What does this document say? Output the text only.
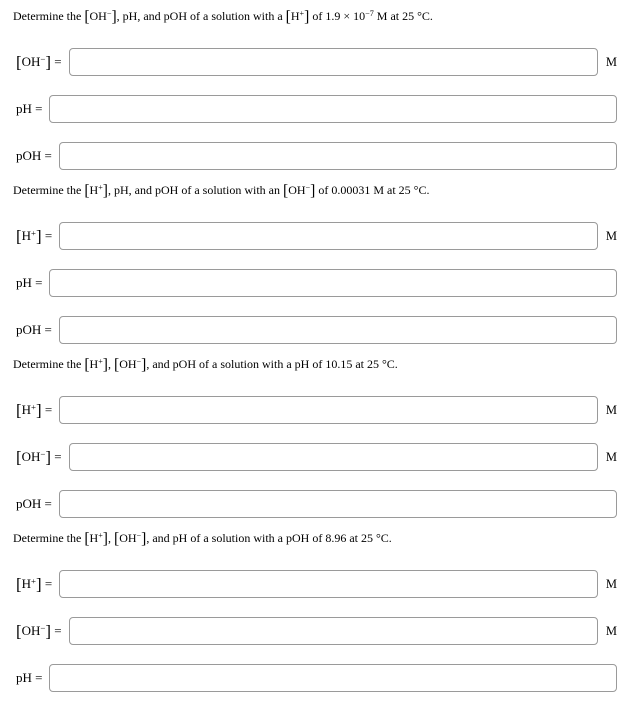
Determine the [OH−], pH, and pOH of a solution with a [H+] of $1.9 \times 10^{-7}$ M at 25 °C.

[OH−] =	M
pH =
pOH =

Determine the [H+], pH, and pOH of a solution with an [OH−] of 0.00031 M at 25 °C.

[H+] =	M
pH =
pOH =

Determine the [H+], [OH−], and pOH of a solution with a pH of 10.15 at 25 °C.

[H+] =	M
[OH−] =	M
pOH =

Determine the [H+], [OH−], and pH of a solution with a pOH of 8.96 at 25 °C.

[H+] =	M
[OH−] =	M
pH =
